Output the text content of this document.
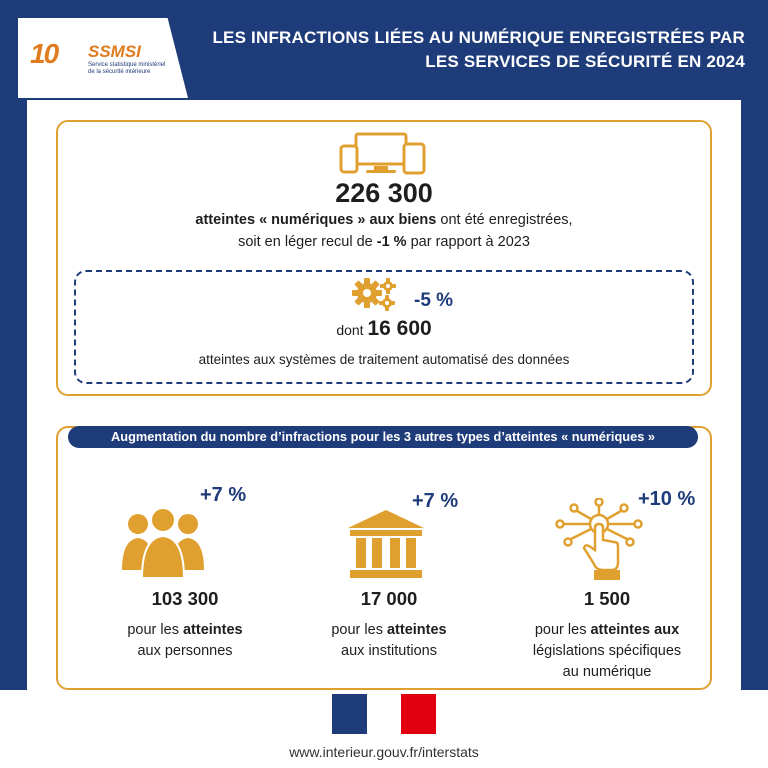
10 SSMSI
Service statistique ministériel de la sécurité intérieure
LES INFRACTIONS LIÉES AU NUMÉRIQUE ENREGISTRÉES PAR
LES SERVICES DE SÉCURITÉ EN 2024
226 300
atteintes « numériques » aux biens ont été enregistrées,
soit en léger recul de -1 % par rapport à 2023
-5 %
dont 16 600
atteintes aux systèmes de traitement automatisé des données
Augmentation du nombre d’infractions pour les 3 autres types d’atteintes « numériques »
+7 %
103 300
pour les atteintes
aux personnes
+7 %
17 000
pour les atteintes
aux institutions
+10 %
1 500
pour les atteintes aux
législations spécifiques
au numérique
www.interieur.gouv.fr/interstats
